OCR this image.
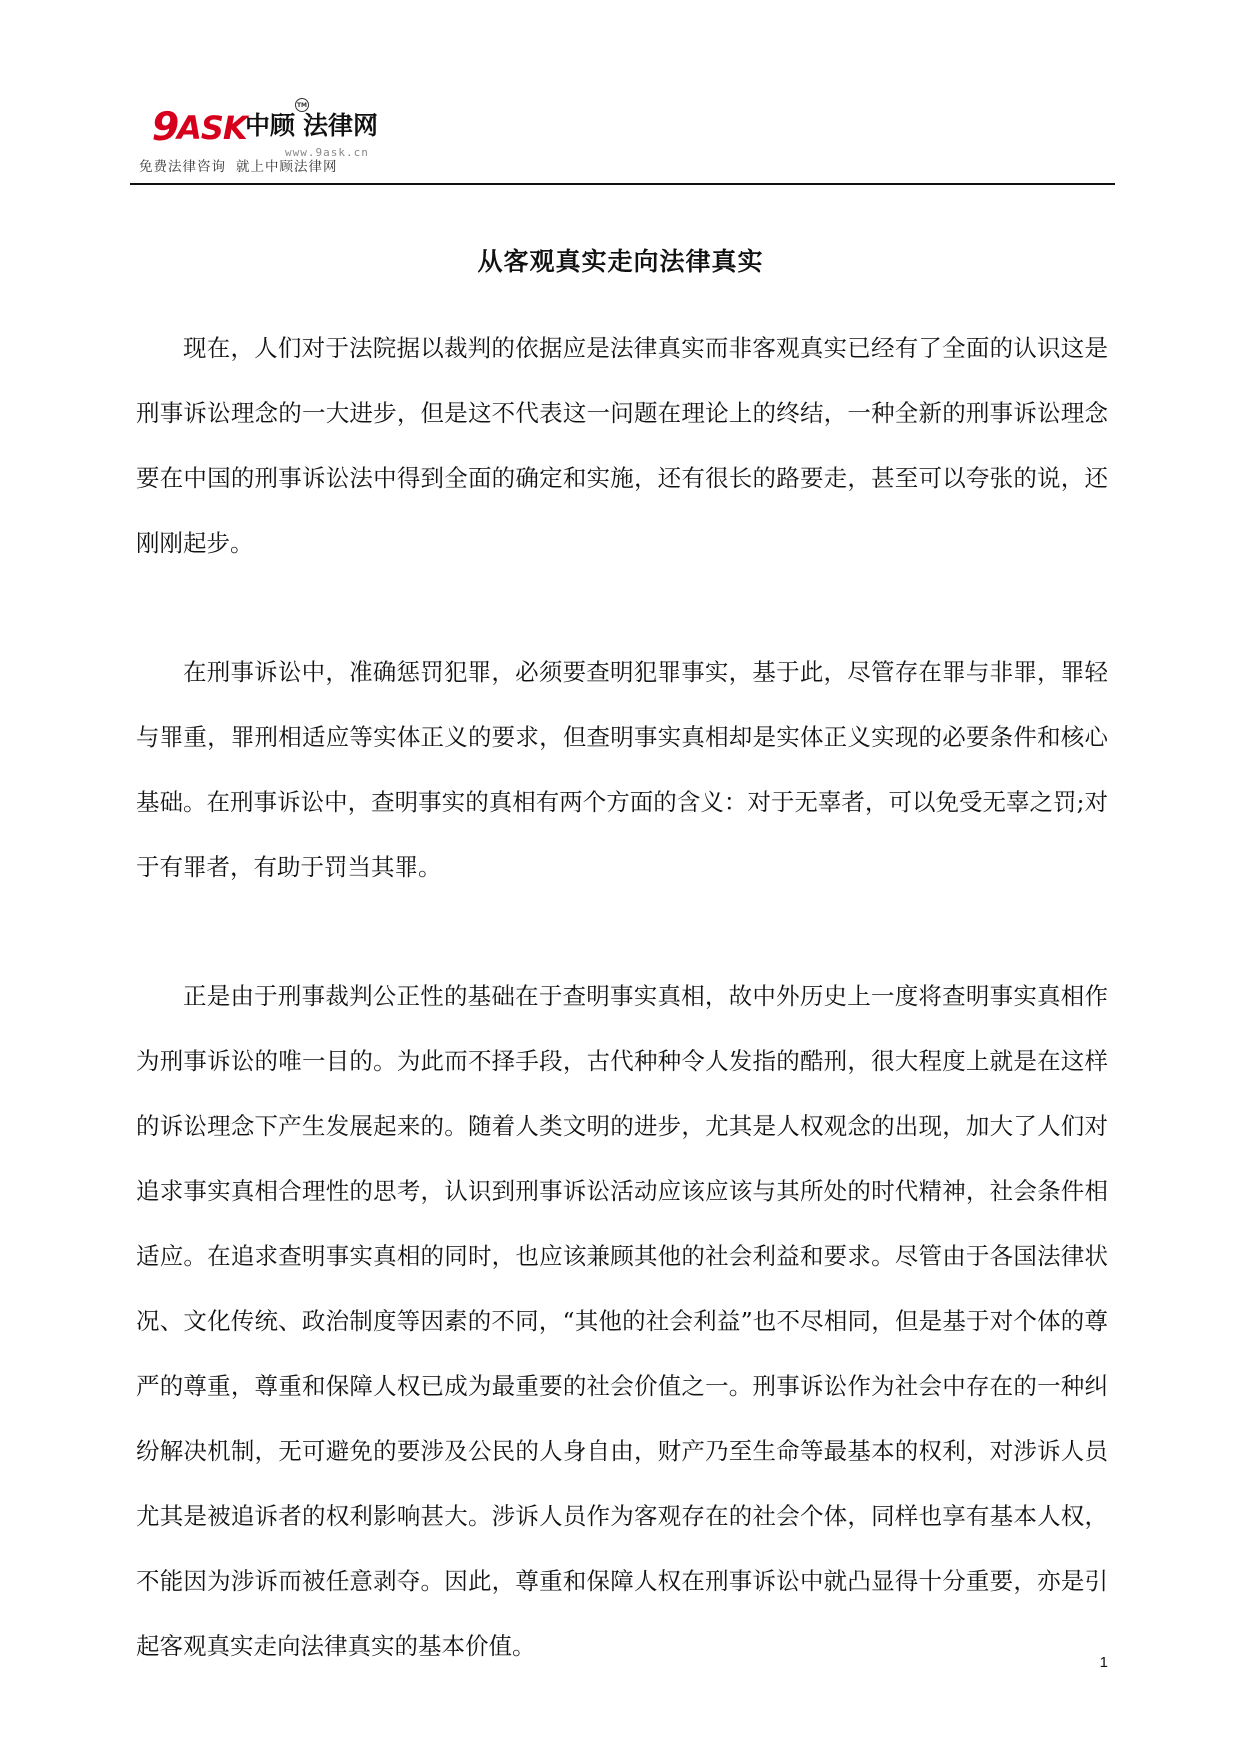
9ASK
中顾 法律网
TM
www.9ask.cn
免费法律咨询 就上中顾法律网
从客观真实走向法律真实

现在，人们对于法院据以裁判的依据应是法律真实而非客观真实已经有了全面的认识这是刑事诉讼理念的一大进步，但是这不代表这一问题在理论上的终结，一种全新的刑事诉讼理念要在中国的刑事诉讼法中得到全面的确定和实施，还有很长的路要走，甚至可以夸张的说，还刚刚起步。

在刑事诉讼中，准确惩罚犯罪，必须要查明犯罪事实，基于此，尽管存在罪与非罪，罪轻与罪重，罪刑相适应等实体正义的要求，但查明事实真相却是实体正义实现的必要条件和核心基础。在刑事诉讼中，查明事实的真相有两个方面的含义：对于无辜者，可以免受无辜之罚;对于有罪者，有助于罚当其罪。

正是由于刑事裁判公正性的基础在于查明事实真相，故中外历史上一度将查明事实真相作为刑事诉讼的唯一目的。为此而不择手段，古代种种令人发指的酷刑，很大程度上就是在这样的诉讼理念下产生发展起来的。随着人类文明的进步，尤其是人权观念的出现，加大了人们对追求事实真相合理性的思考，认识到刑事诉讼活动应该应该与其所处的时代精神，社会条件相适应。在追求查明事实真相的同时，也应该兼顾其他的社会利益和要求。尽管由于各国法律状况、文化传统、政治制度等因素的不同，“其他的社会利益”也不尽相同，但是基于对个体的尊严的尊重，尊重和保障人权已成为最重要的社会价值之一。刑事诉讼作为社会中存在的一种纠纷解决机制，无可避免的要涉及公民的人身自由，财产乃至生命等最基本的权利，对涉诉人员尤其是被追诉者的权利影响甚大。涉诉人员作为客观存在的社会个体，同样也享有基本人权，不能因为涉诉而被任意剥夺。因此，尊重和保障人权在刑事诉讼中就凸显得十分重要，亦是引起客观真实走向法律真实的基本价值。

1
